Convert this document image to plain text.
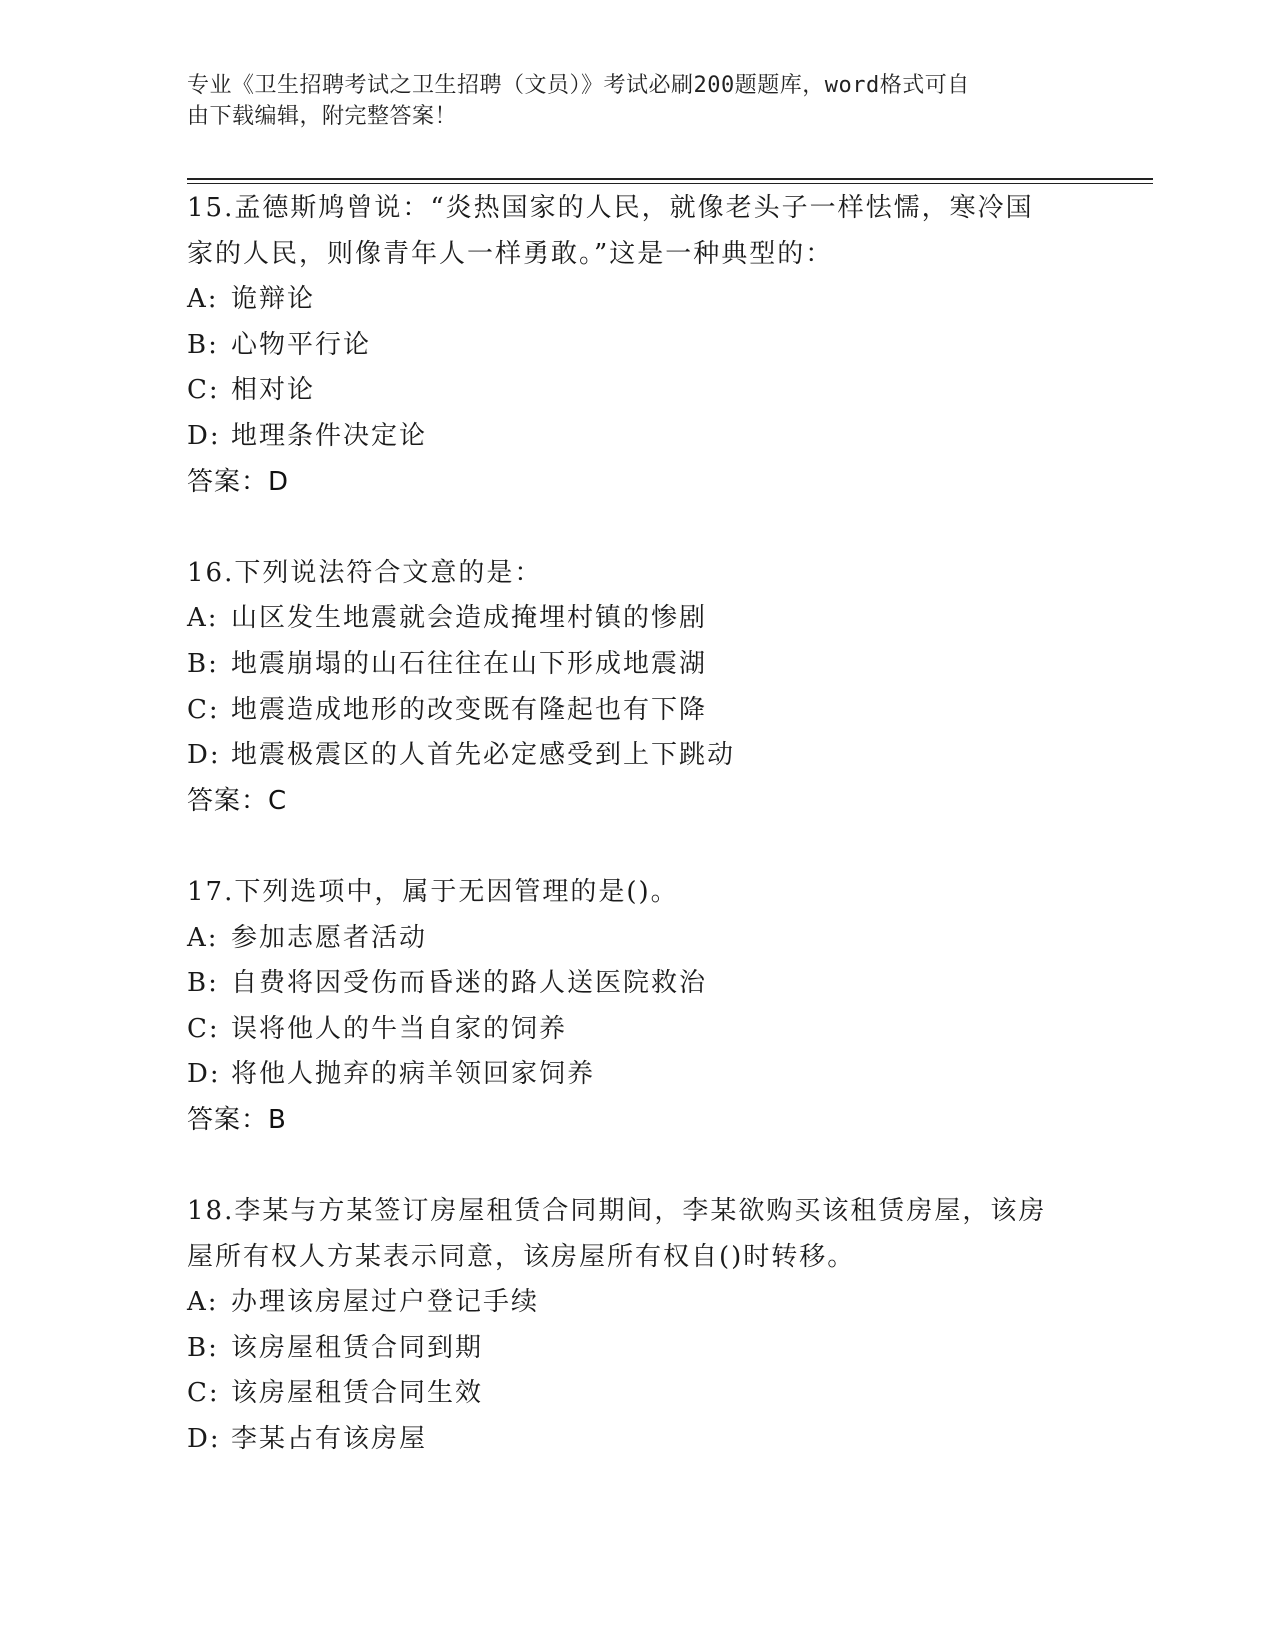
专业《卫生招聘考试之卫生招聘（文员）》考试必刷200题题库，word格式可自
由下载编辑，附完整答案！
15.孟德斯鸠曾说：“炎热国家的人民，就像老头子一样怯懦，寒冷国
家的人民，则像青年人一样勇敢。”这是一种典型的：
A: 诡辩论
B: 心物平行论
C: 相对论
D: 地理条件决定论
答案：D
16.下列说法符合文意的是：
A: 山区发生地震就会造成掩埋村镇的惨剧
B: 地震崩塌的山石往往在山下形成地震湖
C: 地震造成地形的改变既有隆起也有下降
D: 地震极震区的人首先必定感受到上下跳动
答案：C
17.下列选项中，属于无因管理的是()。
A: 参加志愿者活动
B: 自费将因受伤而昏迷的路人送医院救治
C: 误将他人的牛当自家的饲养
D: 将他人抛弃的病羊领回家饲养
答案：B
18.李某与方某签订房屋租赁合同期间，李某欲购买该租赁房屋，该房
屋所有权人方某表示同意，该房屋所有权自()时转移。
A: 办理该房屋过户登记手续
B: 该房屋租赁合同到期
C: 该房屋租赁合同生效
D: 李某占有该房屋
